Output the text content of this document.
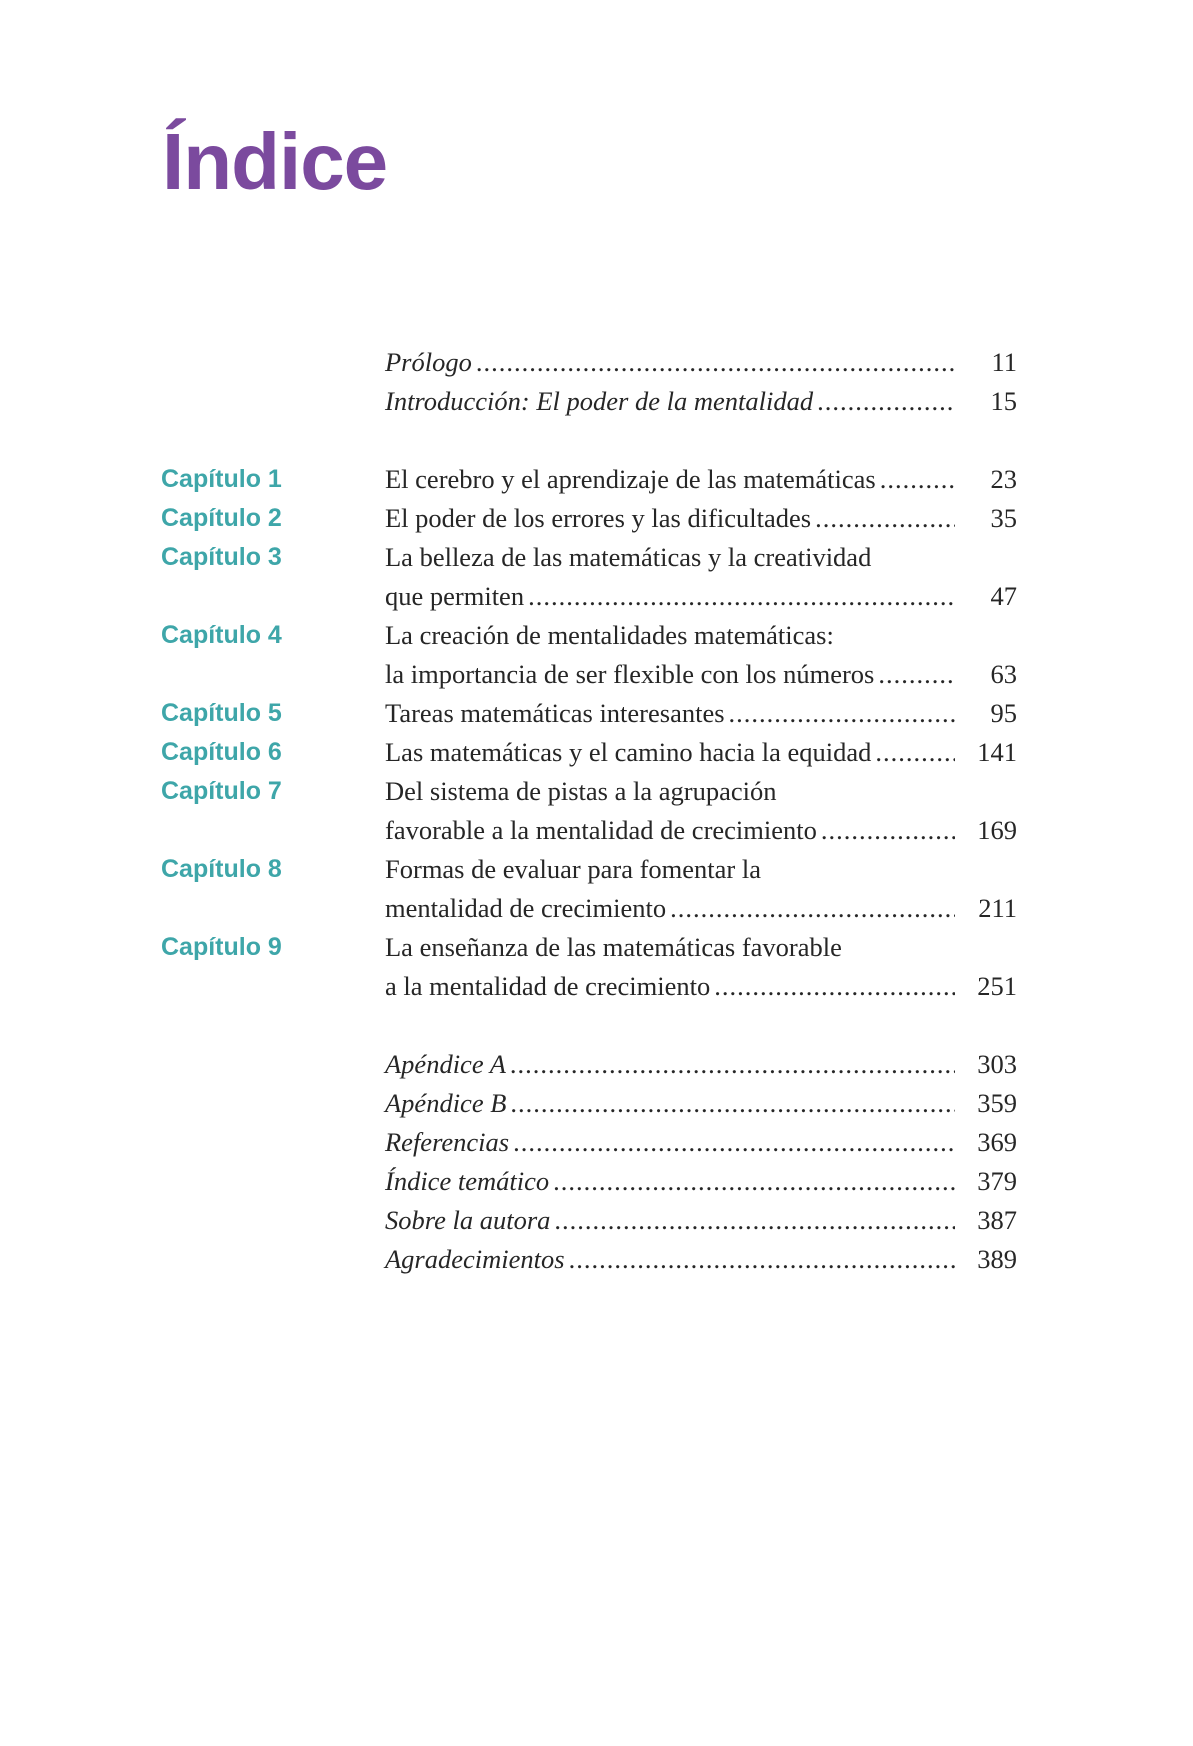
Índice
Prólogo .....	11
Introducción: El poder de la mentalidad .....	15
Capítulo 1	El cerebro y el aprendizaje de las matemáticas .....	23
Capítulo 2	El poder de los errores y las dificultades .....	35
Capítulo 3	La belleza de las matemáticas y la creatividad
que permiten .....	47
Capítulo 4	La creación de mentalidades matemáticas:
la importancia de ser flexible con los números .....	63
Capítulo 5	Tareas matemáticas interesantes .....	95
Capítulo 6	Las matemáticas y el camino hacia la equidad .....	141
Capítulo 7	Del sistema de pistas a la agrupación
favorable a la mentalidad de crecimiento .....	169
Capítulo 8	Formas de evaluar para fomentar la
mentalidad de crecimiento .....	211
Capítulo 9	La enseñanza de las matemáticas favorable
a la mentalidad de crecimiento .....	251
Apéndice A .....	303
Apéndice B .....	359
Referencias .....	369
Índice temático .....	379
Sobre la autora .....	387
Agradecimientos .....	389
